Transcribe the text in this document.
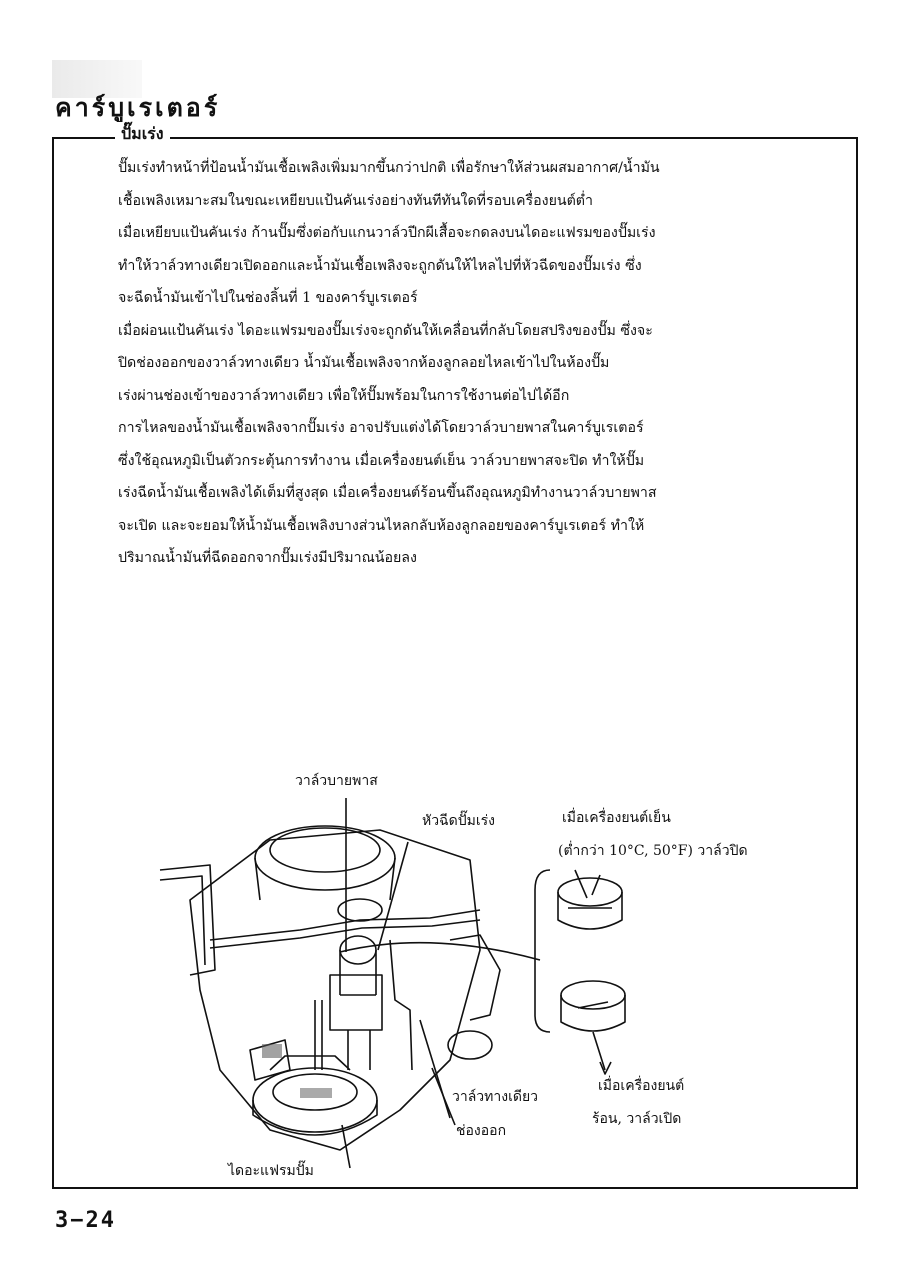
คาร์บูเรเตอร์
ปั๊มเร่ง
ปั๊มเร่งทำหน้าที่ป้อนน้ำมันเชื้อเพลิงเพิ่มมากขึ้นกว่าปกติ เพื่อรักษาให้ส่วนผสมอากาศ/น้ำมัน
เชื้อเพลิงเหมาะสมในขณะเหยียบแป้นคันเร่งอย่างทันทีทันใดที่รอบเครื่องยนต์ต่ำ
เมื่อเหยียบแป้นคันเร่ง ก้านปั๊มซึ่งต่อกับแกนวาล์วปีกผีเสื้อจะกดลงบนไดอะแฟรมของปั๊มเร่ง
ทำให้วาล์วทางเดียวเปิดออกและน้ำมันเชื้อเพลิงจะถูกดันให้ไหลไปที่หัวฉีดของปั๊มเร่ง ซึ่ง
จะฉีดน้ำมันเข้าไปในช่องลิ้นที่ 1 ของคาร์บูเรเตอร์
เมื่อผ่อนแป้นคันเร่ง ไดอะแฟรมของปั๊มเร่งจะถูกดันให้เคลื่อนที่กลับโดยสปริงของปั๊ม ซึ่งจะ
ปิดช่องออกของวาล์วทางเดียว น้ำมันเชื้อเพลิงจากห้องลูกลอยไหลเข้าไปในห้องปั๊ม
เร่งผ่านช่องเข้าของวาล์วทางเดียว เพื่อให้ปั๊มพร้อมในการใช้งานต่อไปได้อีก
การไหลของน้ำมันเชื้อเพลิงจากปั๊มเร่ง อาจปรับแต่งได้โดยวาล์วบายพาสในคาร์บูเรเตอร์
ซึ่งใช้อุณหภูมิเป็นตัวกระตุ้นการทำงาน เมื่อเครื่องยนต์เย็น วาล์วบายพาสจะปิด ทำให้ปั๊ม
เร่งฉีดน้ำมันเชื้อเพลิงได้เต็มที่สูงสุด เมื่อเครื่องยนต์ร้อนขึ้นถึงอุณหภูมิทำงานวาล์วบายพาส
จะเปิด และจะยอมให้น้ำมันเชื้อเพลิงบางส่วนไหลกลับห้องลูกลอยของคาร์บูเรเตอร์ ทำให้
ปริมาณน้ำมันที่ฉีดออกจากปั๊มเร่งมีปริมาณน้อยลง
วาล์วบายพาส
หัวฉีดปั๊มเร่ง	เมื่อเครื่องยนต์เย็น
(ต่ำกว่า 10°C, 50°F) วาล์วปิด
วาล์วทางเดียว
ช่องออก
เมื่อเครื่องยนต์
ร้อน, วาล์วเปิด
ไดอะแฟรมปั๊ม
3−24
